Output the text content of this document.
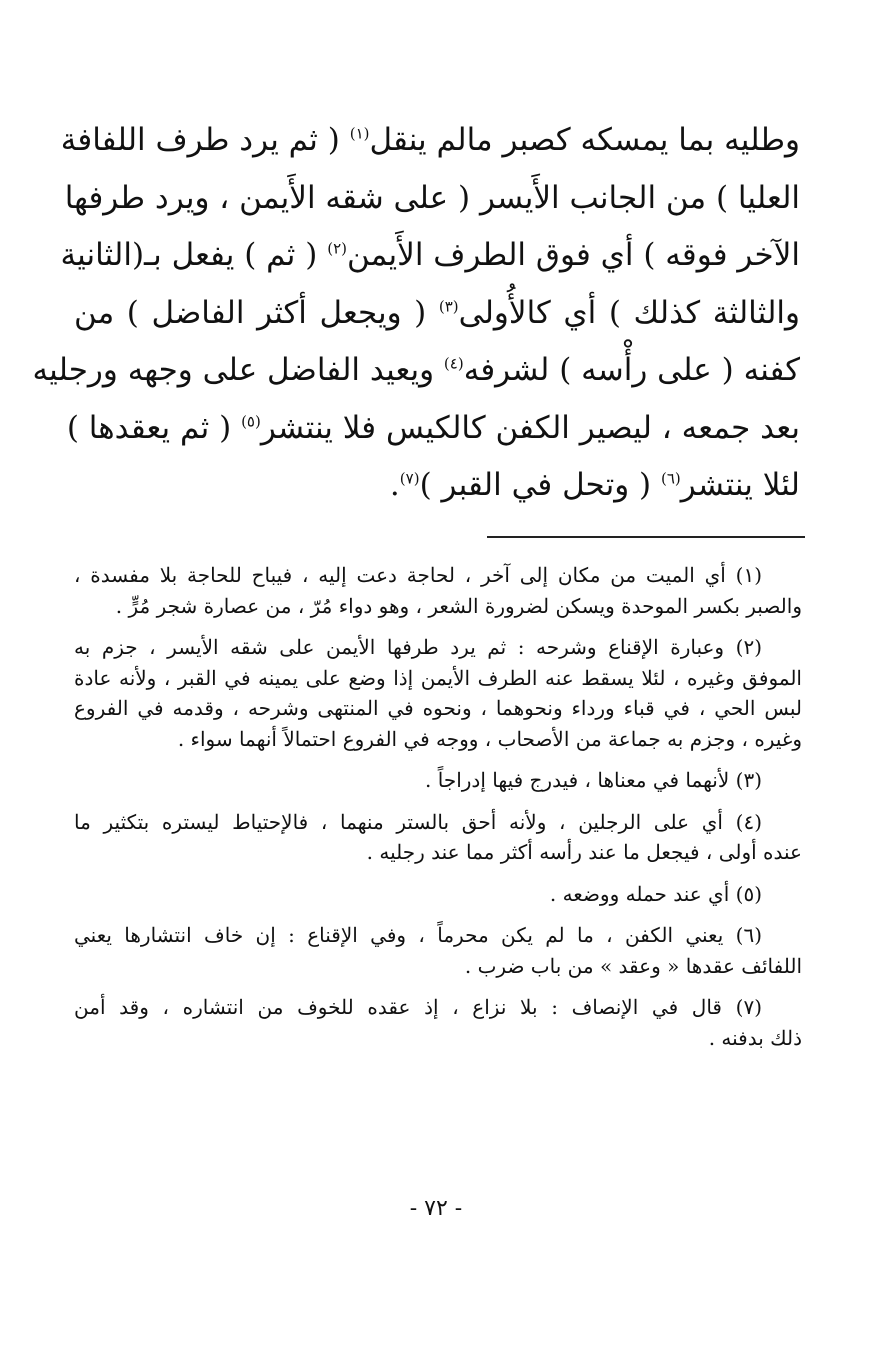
وطليه بما يمسكه كصبر مالم ينقل$^{(١)}$ ( ثم يرد طرف اللفافة
العليا ) من الجانب الأَيسر ( على شقه الأَيمن ، ويرد طرفها
الآخر فوقه ) أي فوق الطرف الأَيمن$^{(٢)}$ ( ثم ) يفعل بـ(الثانية
والثالثة كذلك ) أي كالأُولى$^{(٣)}$ ( ويجعل أكثر الفاضل ) من
كفنه ( على رأْسه ) لشرفه$^{(٤)}$ ويعيد الفاضل على وجهه ورجليه
بعد جمعه ، ليصير الكفن كالكيس فلا ينتشر$^{(٥)}$ ( ثم يعقدها )
لئلا ينتشر$^{(٦)}$ ( وتحل في القبر )$^{(٧)}$.
(١) أي الميت من مكان إلى آخر ، لحاجة دعت إليه ، فيباح للحاجة بلا مفسدة ،
والصبر بكسر الموحدة ويسكن لضرورة الشعر ، وهو دواء مُرّ ، من عصارة شجر مُرٍّ .
(٢) وعبارة الإقناع وشرحه : ثم يرد طرفها الأيمن على شقه الأيسر ، جزم به
الموفق وغيره ، لئلا يسقط عنه الطرف الأيمن إذا وضع على يمينه في القبر ، ولأنه عادة
لبس الحي ، في قباء ورداء ونحوهما ، ونحوه في المنتهى وشرحه ، وقدمه في الفروع
وغيره ، وجزم به جماعة من الأصحاب ، ووجه في الفروع احتمالاً أنهما سواء .
(٣) لأنهما في معناها ، فيدرج فيها إدراجاً .
(٤) أي على الرجلين ، ولأنه أحق بالستر منهما ، فالإحتياط ليستره بتكثير ما
عنده أولى ، فيجعل ما عند رأسه أكثر مما عند رجليه .
(٥) أي عند حمله ووضعه .
(٦) يعني الكفن ، ما لم يكن محرماً ، وفي الإقناع : إن خاف انتشارها يعني
اللفائف عقدها « وعقد » من باب ضرب .
(٧) قال في الإنصاف : بلا نزاع ، إذ عقده للخوف من انتشاره ، وقد أمن
ذلك بدفنه .
- ٧٢ -
